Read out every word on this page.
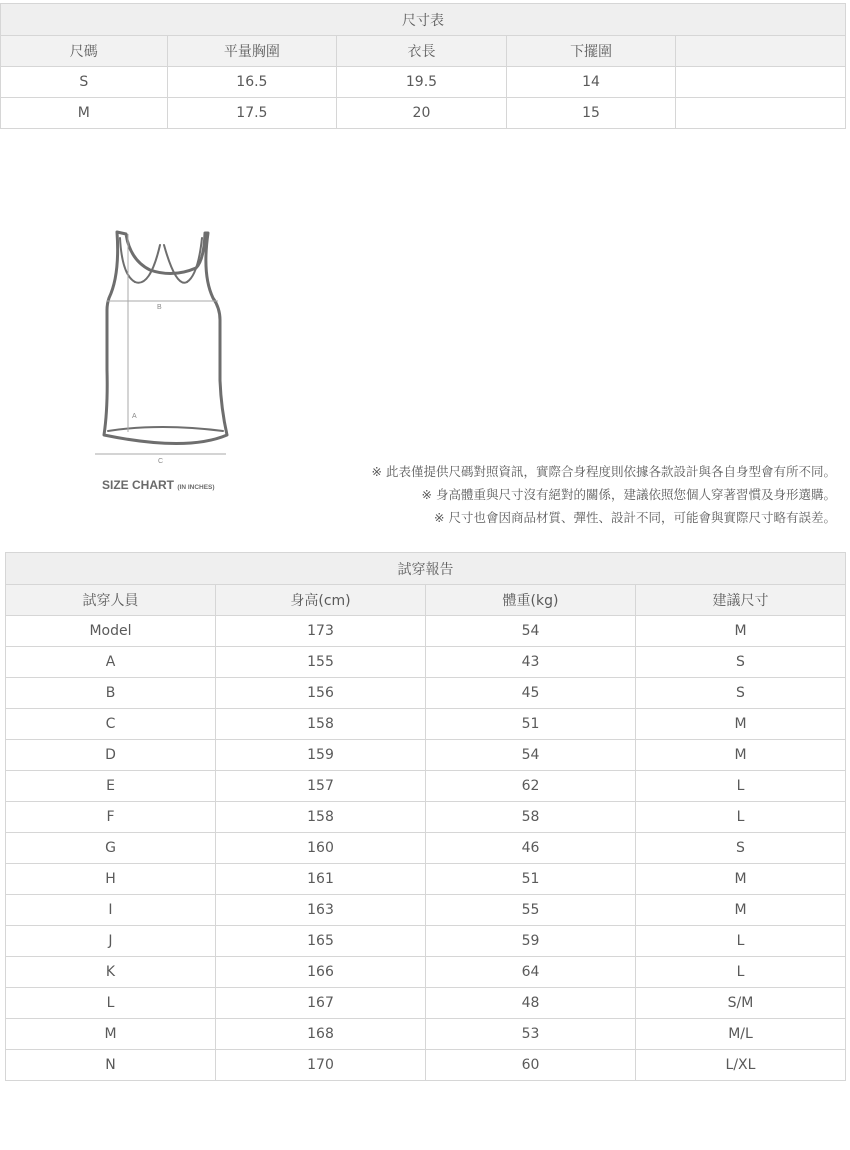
尺寸表				
尺碼	平量胸圍	衣長	下擺圍	
S	16.5	19.5	14	
M	17.5	20	15	
B
A
C
SIZE CHART (IN INCHES)
※ 此表僅提供尺碼對照資訊，實際合身程度則依據各款設計與各自身型會有所不同。
※ 身高體重與尺寸沒有絕對的關係，建議依照您個人穿著習慣及身形選購。
※ 尺寸也會因商品材質、彈性、設計不同，可能會與實際尺寸略有誤差。
試穿報告			
試穿人員	身高(cm)	體重(kg)	建議尺寸
Model	173	54	M
A	155	43	S
B	156	45	S
C	158	51	M
D	159	54	M
E	157	62	L
F	158	58	L
G	160	46	S
H	161	51	M
I	163	55	M
J	165	59	L
K	166	64	L
L	167	48	S/M
M	168	53	M/L
N	170	60	L/XL
